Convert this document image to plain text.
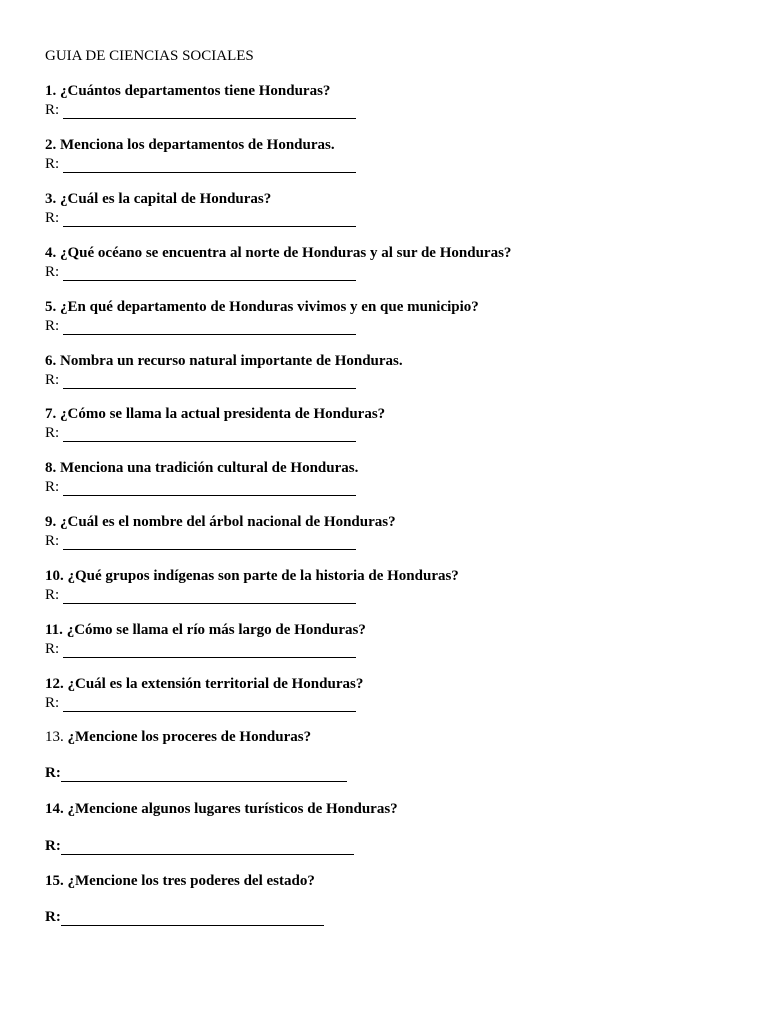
GUIA DE CIENCIAS SOCIALES
1. ¿Cuántos departamentos tiene Honduras?
R:
2. Menciona los departamentos de Honduras.
R:
3. ¿Cuál es la capital de Honduras?
R:
4. ¿Qué océano se encuentra al norte de Honduras y al sur de Honduras?
R:
5. ¿En qué departamento de Honduras vivimos y en que municipio?
R:
6. Nombra un recurso natural importante de Honduras.
R:
7. ¿Cómo se llama la actual presidenta de Honduras?
R:
8. Menciona una tradición cultural de Honduras.
R:
9. ¿Cuál es el nombre del árbol nacional de Honduras?
R:
10. ¿Qué grupos indígenas son parte de la historia de Honduras?
R:
11. ¿Cómo se llama el río más largo de Honduras?
R:
12. ¿Cuál es la extensión territorial de Honduras?
R:
13. ¿Mencione los proceres de Honduras?
R:
14. ¿Mencione algunos lugares turísticos de Honduras?
R:
15. ¿Mencione los tres poderes del estado?
R:
